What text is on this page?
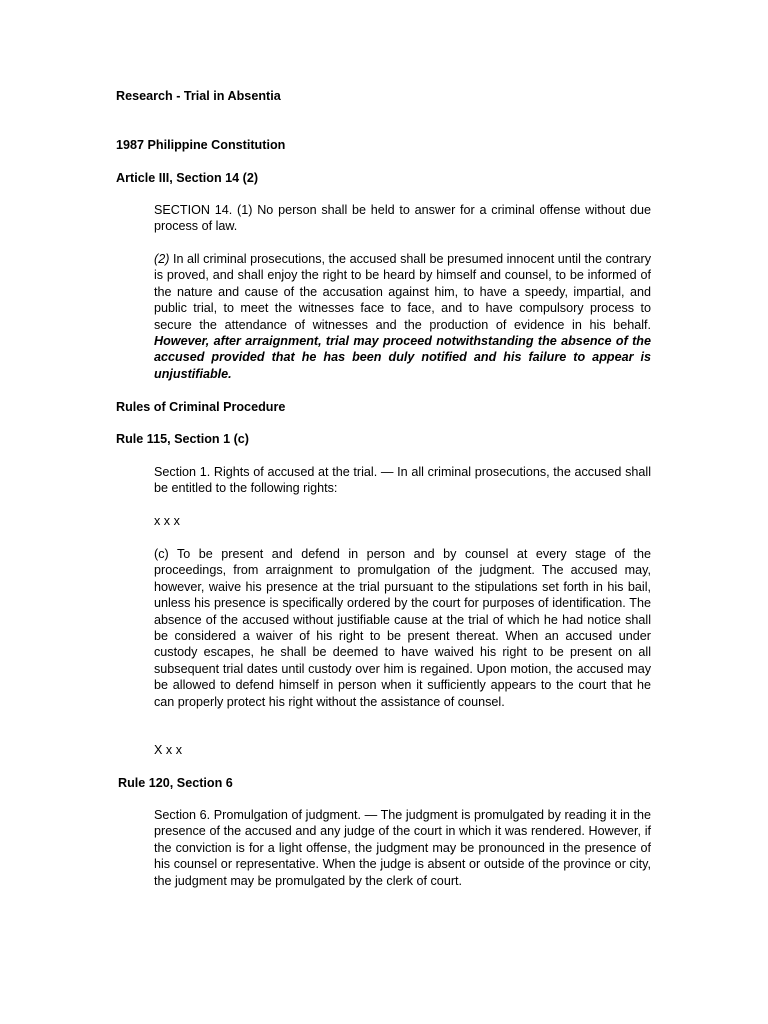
Research - Trial in Absentia

1987 Philippine Constitution

Article III, Section 14 (2)

SECTION 14. (1) No person shall be held to answer for a criminal offense without due process of law.

(2) In all criminal prosecutions, the accused shall be presumed innocent until the contrary is proved, and shall enjoy the right to be heard by himself and counsel, to be informed of the nature and cause of the accusation against him, to have a speedy, impartial, and public trial, to meet the witnesses face to face, and to have compulsory process to secure the attendance of witnesses and the production of evidence in his behalf. However, after arraignment, trial may proceed notwithstanding the absence of the accused provided that he has been duly notified and his failure to appear is unjustifiable.

Rules of Criminal Procedure

Rule 115, Section 1 (c)

Section 1. Rights of accused at the trial. — In all criminal prosecutions, the accused shall be entitled to the following rights:

x x x

(c) To be present and defend in person and by counsel at every stage of the proceedings, from arraignment to promulgation of the judgment. The accused may, however, waive his presence at the trial pursuant to the stipulations set forth in his bail, unless his presence is specifically ordered by the court for purposes of identification. The absence of the accused without justifiable cause at the trial of which he had notice shall be considered a waiver of his right to be present thereat. When an accused under custody escapes, he shall be deemed to have waived his right to be present on all subsequent trial dates until custody over him is regained. Upon motion, the accused may be allowed to defend himself in person when it sufficiently appears to the court that he can properly protect his right without the assistance of counsel.

X x x

Rule 120, Section 6

Section 6. Promulgation of judgment. — The judgment is promulgated by reading it in the presence of the accused and any judge of the court in which it was rendered. However, if the conviction is for a light offense, the judgment may be pronounced in the presence of his counsel or representative. When the judge is absent or outside of the province or city, the judgment may be promulgated by the clerk of court.
